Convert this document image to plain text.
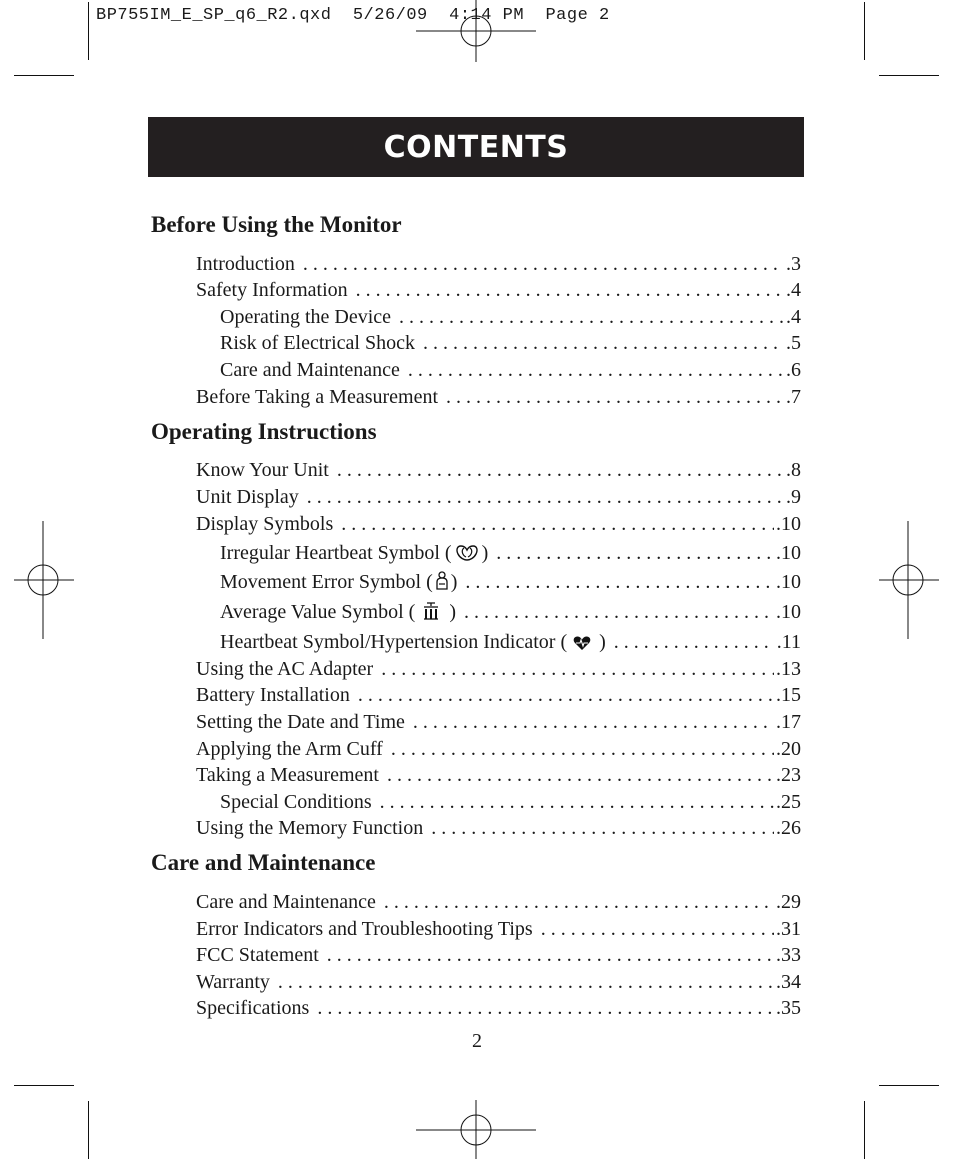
BP755IM_E_SP_q6_R2.qxd  5/26/09  4:14 PM  Page 2
CONTENTS
Before Using the Monitor
Introduction . . .	.3
Safety Information . . .	.4
Operating the Device . . .	.4
Risk of Electrical Shock . . .	.5
Care and Maintenance . . .	.6
Before Taking a Measurement . . .	.7
Operating Instructions
Know Your Unit . . .	.8
Unit Display . . .	.9
Display Symbols . . .	.10
Irregular Heartbeat Symbol ( ) . . .	.10
Movement Error Symbol ( ) . . .	.10
Average Value Symbol ( ) . . .	.10
Heartbeat Symbol/Hypertension Indicator ( ) . . .	.11
Using the AC Adapter . . .	.13
Battery Installation . . .	.15
Setting the Date and Time . . .	.17
Applying the Arm Cuff . . .	.20
Taking a Measurement . . .	.23
Special Conditions . . .	.25
Using the Memory Function . . .	.26
Care and Maintenance
Care and Maintenance . . .	.29
Error Indicators and Troubleshooting Tips . . .	.31
FCC Statement . . .	.33
Warranty . . .	.34
Specifications . . .	.35
2
